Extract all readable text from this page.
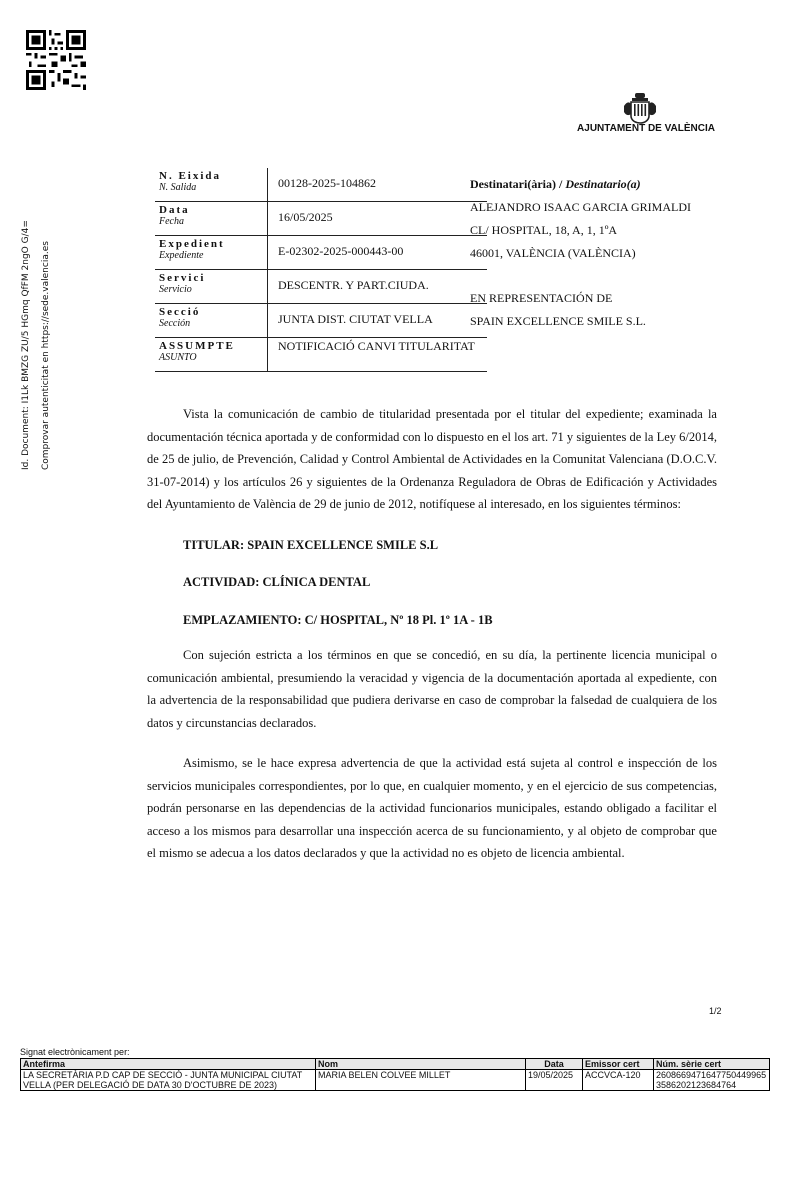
Id. Document: I1Lk BMZG ZU/5 HGmq QfFM 2ngO G/4=	Comprovar autenticitat en https://sede.valencia.es
AJUNTAMENT DE VALÈNCIA
N. Eixida
N. Salida	00128-2025-104862

Data
Fecha	16/05/2025

Expedient
Expediente	E-02302-2025-000443-00

Servici
Servicio	DESCENTR. Y PART.CIUDA.

Secció
Sección	JUNTA DIST. CIUTAT VELLA

ASSUMPTE
ASUNTO	NOTIFICACIÓ CANVI TITULARITAT
Destinatari(ària) / Destinatario(a)
ALEJANDRO ISAAC GARCIA GRIMALDI
CL/ HOSPITAL, 18, A, 1, 1ºA
46001, VALÈNCIA (VALÈNCIA)
EN REPRESENTACIÓN DE
SPAIN EXCELLENCE SMILE S.L.

Vista la comunicación de cambio de titularidad presentada por el titular del expediente; examinada la documentación técnica aportada y de conformidad con lo dispuesto en el los art. 71 y siguientes de la Ley 6/2014, de 25 de julio, de Prevención, Calidad y Control Ambiental de Actividades en la Comunitat Valenciana (D.O.C.V. 31-07-2014) y los artículos 26 y siguientes de la Ordenanza Reguladora de Obras de Edificación y Actividades del Ayuntamiento de València de 29 de junio de 2012, notifíquese al interesado, en los siguientes términos:

TITULAR: SPAIN EXCELLENCE SMILE S.L
ACTIVIDAD: CLÍNICA DENTAL
EMPLAZAMIENTO: C/ HOSPITAL, Nº 18 Pl. 1º 1A - 1B

Con sujeción estricta a los términos en que se concedió, en su día, la pertinente licencia municipal o comunicación ambiental, presumiendo la veracidad y vigencia de la documentación aportada al expediente, con la advertencia de la responsabilidad que pudiera derivarse en caso de comprobar la falsedad de cualquiera de los datos y circunstancias declarados.

Asimismo, se le hace expresa advertencia de que la actividad está sujeta al control e inspección de los servicios municipales correspondientes, por lo que, en cualquier momento, y en el ejercicio de sus competencias, podrán personarse en las dependencias de la actividad funcionarios municipales, estando obligado a facilitar el acceso a los mismos para desarrollar una inspección acerca de su funcionamiento, y al objeto de comprobar que el mismo se adecua a los datos declarados y que la actividad no es objeto de licencia ambiental.

1/2
Signat electrònicament per:
Antefirma	Nom	Data	Emissor cert	Núm. sèrie cert
LA SECRETÀRIA P.D CAP DE SECCIÓ - JUNTA MUNICIPAL CIUTAT VELLA (PER DELEGACIÓ DE DATA 30 D'OCTUBRE DE 2023)	MARIA BELEN COLVEE MILLET	19/05/2025	ACCVCA-120	26086694716477504499653586202123684764
